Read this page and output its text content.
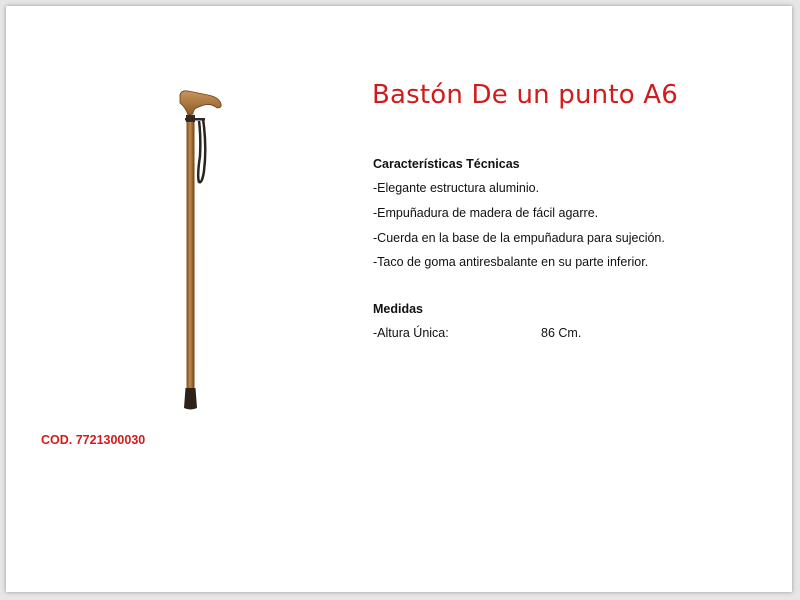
Bastón De un punto A6
Características Técnicas
-Elegante estructura aluminio.
-Empuñadura de madera de fácil agarre.
-Cuerda en la base de la empuñadura para sujeción.
-Taco de goma antiresbalante en su parte inferior.
Medidas
-Altura Única:	86 Cm.
COD. 7721300030
